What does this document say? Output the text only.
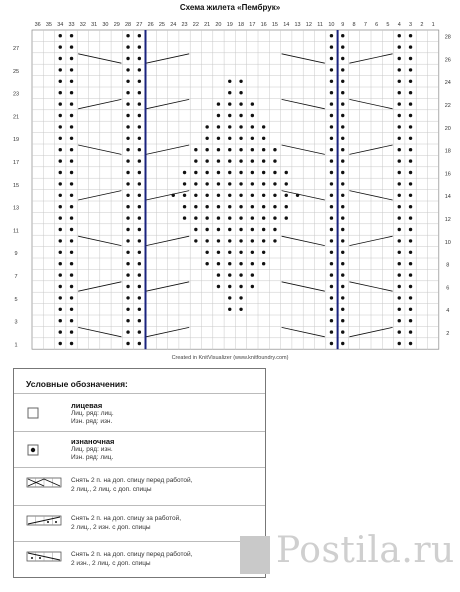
Схема жилета «Пембрук»
36 35 34 33 32 31 30 29 28 27 26 25 24 23 22 21 20 19 18 17 16 15 14 13 12 11 10 9 8 7 6 5 4 3 2 1
28
26
24
22
20
18
16
14
12
10
8
6
4
2
27
25
23
21
19
17
15
13
11
9
7
5
3
1
Created in KnitVisualizer (www.knitfoundry.com)
Условные обозначения:
лицевая
Лиц. ряд: лиц.
Изн. ряд: изн.
изнаночная
Лиц. ряд: изн.
Изн. ряд: лиц.
Снять 2 п. на доп. спицу перед работой,
2 лиц., 2 лиц. с доп. спицы
Снять 2 п. на доп. спицу за работой,
2 лиц., 2 изн. с доп. спицы
Снять 2 п. на доп. спицу перед работой,
2 изн., 2 лиц. с доп. спицы	Postila.ru
